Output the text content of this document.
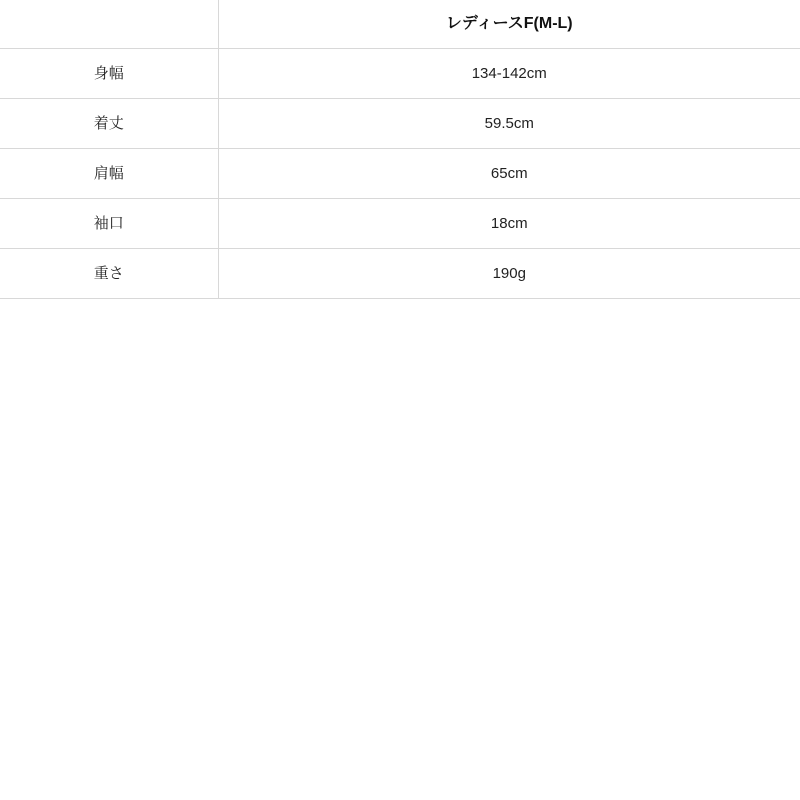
	レディースF(M-L)
身幅	134-142cm
着丈	59.5cm
肩幅	65cm
袖口	18cm
重さ	190g
